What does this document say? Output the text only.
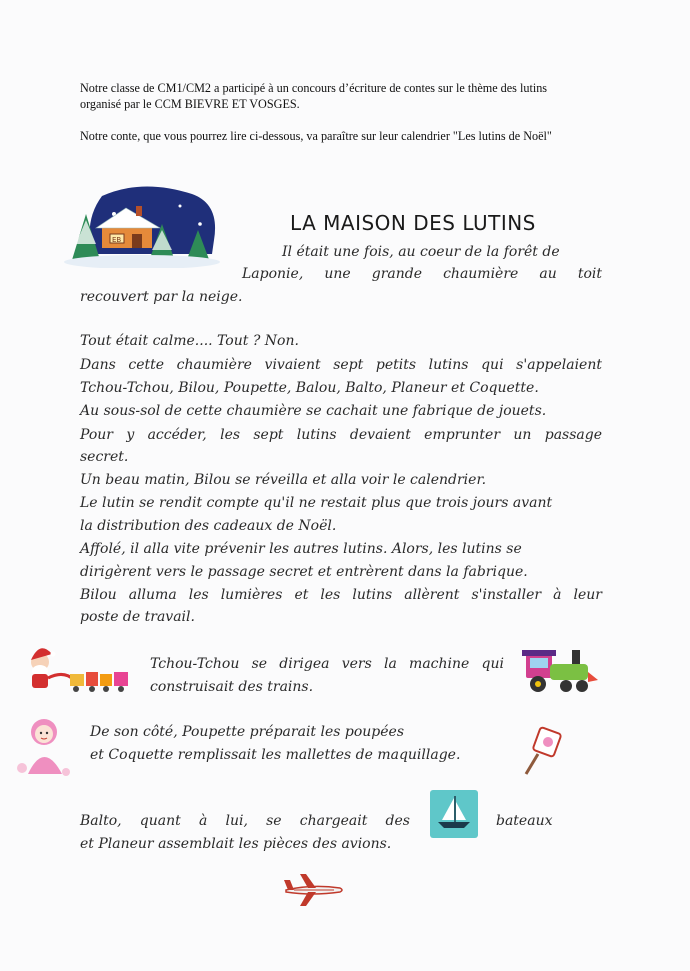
Notre classe de CM1/CM2 a participé à un concours d’écriture de contes sur le thème des lutins organisé par le CCM BIEVRE ET VOSGES.
Notre conte, que vous pourrez lire ci-dessous, va paraître sur leur calendrier "Les lutins de Noël"
EB
LA MAISON DES LUTINS
Il était une fois, au coeur de la forêt de
Laponie, une grande chaumière au toit
recouvert par la neige.
Tout était calme.... Tout ? Non.
Dans cette chaumière vivaient sept petits lutins qui s'appelaient
Tchou-Tchou, Bilou, Poupette, Balou, Balto, Planeur et Coquette.
Au sous-sol de cette chaumière se cachait une fabrique de jouets.
Pour y accéder, les sept lutins devaient emprunter un passage
secret.
Un beau matin, Bilou se réveilla et alla voir le calendrier.
Le lutin se rendit compte qu'il ne restait plus que trois jours avant
la distribution des cadeaux de Noël.
Affolé, il alla vite prévenir les autres lutins. Alors, les lutins se
dirigèrent vers le passage secret et entrèrent dans la fabrique.
Bilou alluma les lumières et les lutins allèrent s'installer à leur
poste de travail.
Tchou-Tchou se dirigea vers la machine qui
construisait des trains.
De son côté, Poupette préparait les poupées
et Coquette remplissait les mallettes de maquillage.
Balto, quant à lui, se chargeait des	bateaux
et Planeur assemblait les pièces des avions.
